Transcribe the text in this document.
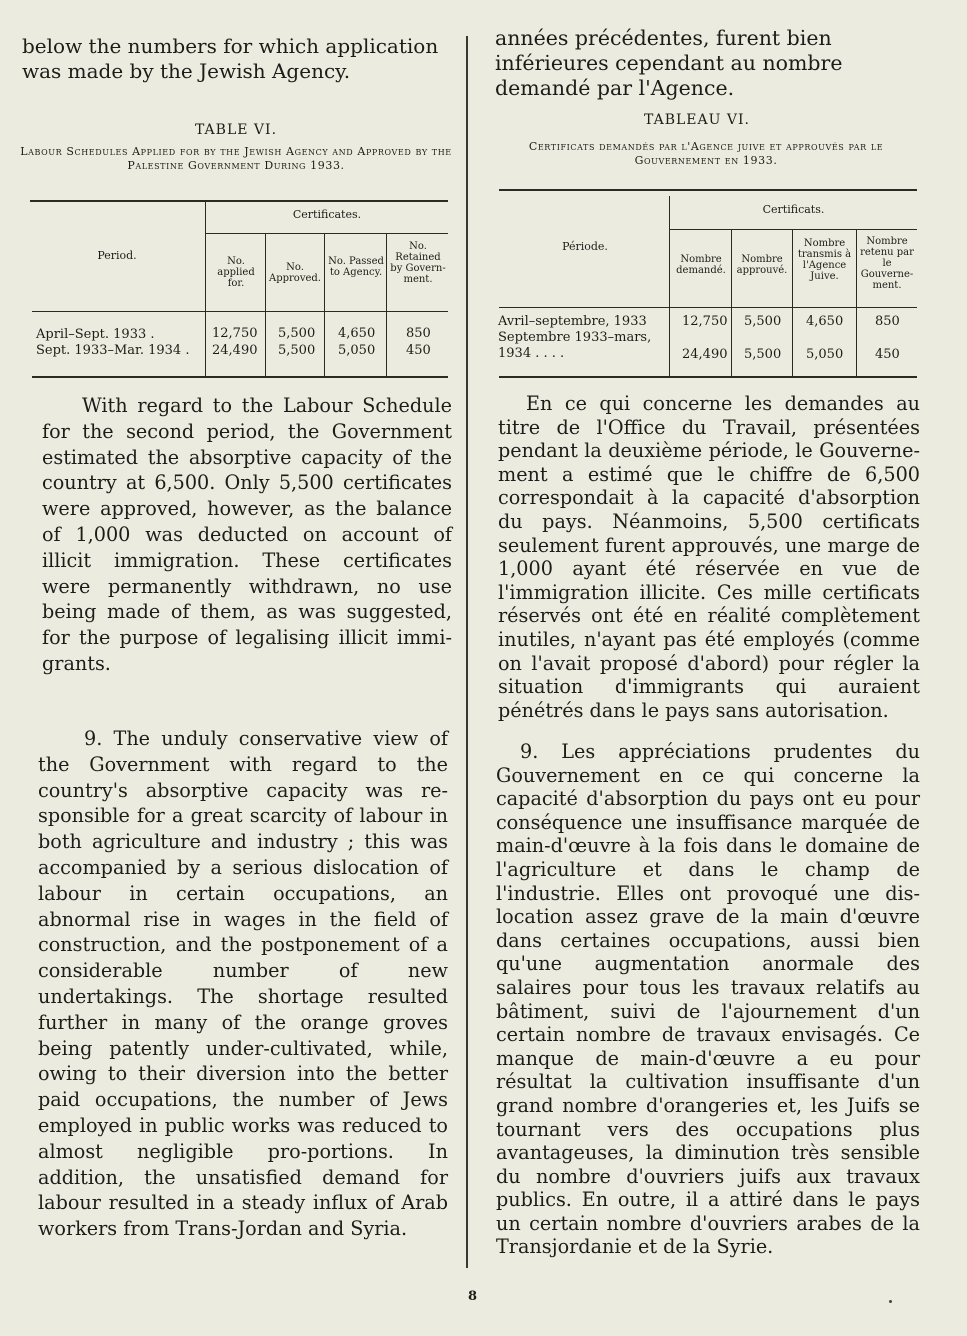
below the numbers for which application was made by the Jewish Agency.

TABLE VI.
Labour Schedules Applied for by the Jewish Agency and Approved by the Palestine Government During 1933.
Period.
Certificates.
No. applied for.
No. Approved.
No. Passed to Agency.
No. Retained by Govern-ment.
April–Sept. 1933 .
Sept. 1933–Mar. 1934 .
12,750 5,500 4,650 850
24,490 5,500 5,050 450

With regard to the Labour Schedule for the second period, the Government estimated the absorptive capacity of the country at 6,500. Only 5,500 certificates were approved, however, as the balance of 1,000 was deducted on account of illicit immigration. These certificates were permanently withdrawn, no use being made of them, as was suggested, for the purpose of legalising illicit immi-grants.

9. The unduly conservative view of the Government with regard to the country's absorptive capacity was re-sponsible for a great scarcity of labour in both agriculture and industry ; this was accompanied by a serious dislocation of labour in certain occupations, an abnormal rise in wages in the field of construction, and the postponement of a considerable number of new undertakings. The shortage resulted further in many of the orange groves being patently under-cultivated, while, owing to their diversion into the better paid occupations, the number of Jews employed in public works was reduced to almost negligible pro-portions. In addition, the unsatisfied demand for labour resulted in a steady influx of Arab workers from Trans-Jordan and Syria.

années précédentes, furent bien inférieures cependant au nombre demandé par l'Agence.

TABLEAU VI.
Certificats demandés par l'Agence juive et approuvés par le Gouvernement en 1933.
Période.
Certificats.
Nombre demandé.
Nombre approuvé.
Nombre transmis à l'Agence Juive.
Nombre retenu par le Gouverne-ment.
Avril–septembre, 1933
Septembre 1933–mars, 1934 . . . .
12,750 5,500 4,650 850
24,490 5,500 5,050 450

En ce qui concerne les demandes au titre de l'Office du Travail, présentées pendant la deuxième période, le Gouverne-ment a estimé que le chiffre de 6,500 correspondait à la capacité d'absorption du pays. Néanmoins, 5,500 certificats seulement furent approuvés, une marge de 1,000 ayant été réservée en vue de l'immigration illicite. Ces mille certificats réservés ont été en réalité complètement inutiles, n'ayant pas été employés (comme on l'avait proposé d'abord) pour régler la situation d'immigrants qui auraient pénétrés dans le pays sans autorisation.

9. Les appréciations prudentes du Gouvernement en ce qui concerne la capacité d'absorption du pays ont eu pour conséquence une insuffisance marquée de main-d'œuvre à la fois dans le domaine de l'agriculture et dans le champ de l'industrie. Elles ont provoqué une dis-location assez grave de la main d'œuvre dans certaines occupations, aussi bien qu'une augmentation anormale des salaires pour tous les travaux relatifs au bâtiment, suivi de l'ajournement d'un certain nombre de travaux envisagés. Ce manque de main-d'œuvre a eu pour résultat la cultivation insuffisante d'un grand nombre d'orangeries et, les Juifs se tournant vers des occupations plus avantageuses, la diminution très sensible du nombre d'ouvriers juifs aux travaux publics. En outre, il a attiré dans le pays un certain nombre d'ouvriers arabes de la Transjordanie et de la Syrie.

8
